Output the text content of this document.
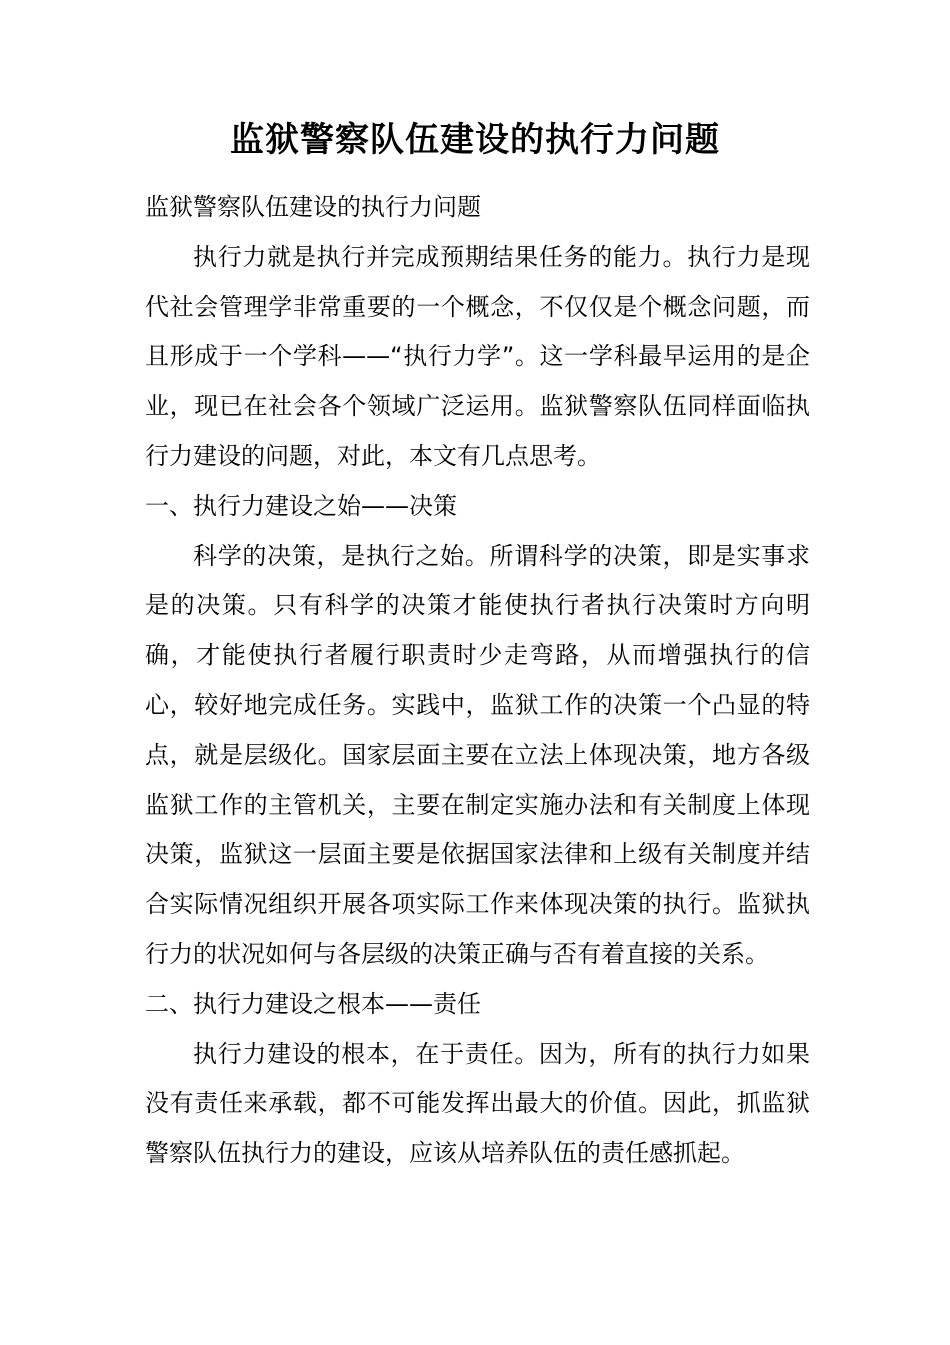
监狱警察队伍建设的执行力问题

监狱警察队伍建设的执行力问题

执行力就是执行并完成预期结果任务的能力。执行力是现代社会管理学非常重要的一个概念，不仅仅是个概念问题，而且形成于一个学科——“执行力学”。这一学科最早运用的是企业，现已在社会各个领域广泛运用。监狱警察队伍同样面临执行力建设的问题，对此，本文有几点思考。

一、执行力建设之始——决策

科学的决策，是执行之始。所谓科学的决策，即是实事求是的决策。只有科学的决策才能使执行者执行决策时方向明确，才能使执行者履行职责时少走弯路，从而增强执行的信心，较好地完成任务。实践中，监狱工作的决策一个凸显的特点，就是层级化。国家层面主要在立法上体现决策，地方各级监狱工作的主管机关，主要在制定实施办法和有关制度上体现决策，监狱这一层面主要是依据国家法律和上级有关制度并结合实际情况组织开展各项实际工作来体现决策的执行。监狱执行力的状况如何与各层级的决策正确与否有着直接的关系。

二、执行力建设之根本——责任

执行力建设的根本，在于责任。因为，所有的执行力如果没有责任来承载，都不可能发挥出最大的价值。因此，抓监狱警察队伍执行力的建设，应该从培养队伍的责任感抓起。
